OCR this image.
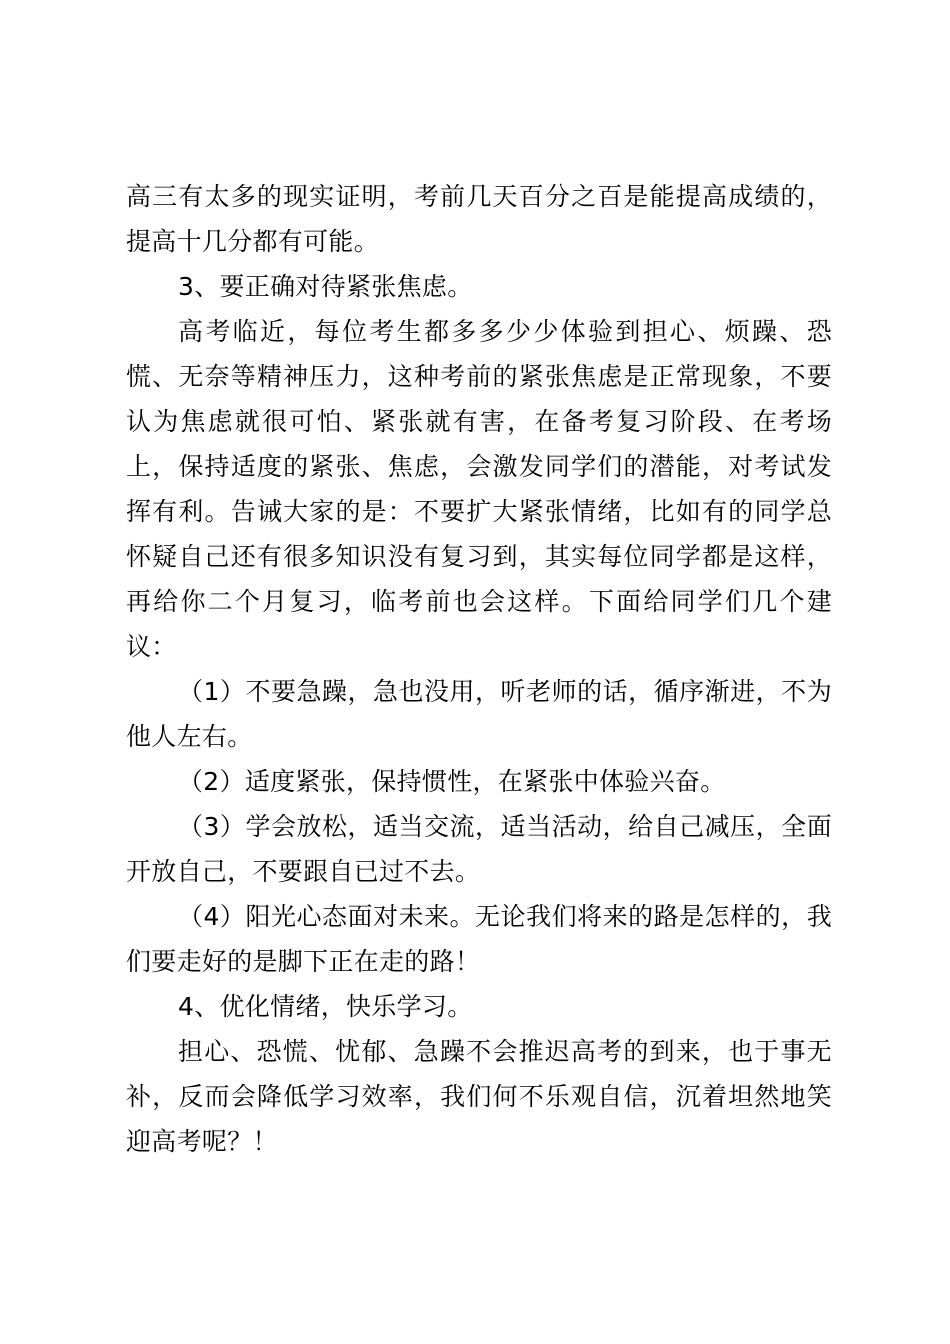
高三有太多的现实证明，考前几天百分之百是能提高成绩的，提高十几分都有可能。

3、要正确对待紧张焦虑。

高考临近，每位考生都多多少少体验到担心、烦躁、恐慌、无奈等精神压力，这种考前的紧张焦虑是正常现象，不要认为焦虑就很可怕、紧张就有害，在备考复习阶段、在考场上，保持适度的紧张、焦虑，会激发同学们的潜能，对考试发挥有利。告诫大家的是：不要扩大紧张情绪，比如有的同学总怀疑自己还有很多知识没有复习到，其实每位同学都是这样，再给你二个月复习，临考前也会这样。下面给同学们几个建议：

（1）不要急躁，急也没用，听老师的话，循序渐进，不为他人左右。

（2）适度紧张，保持惯性，在紧张中体验兴奋。

（3）学会放松，适当交流，适当活动，给自己减压，全面开放自己，不要跟自已过不去。

（4）阳光心态面对未来。无论我们将来的路是怎样的，我们要走好的是脚下正在走的路！

4、优化情绪，快乐学习。

担心、恐慌、忧郁、急躁不会推迟高考的到来，也于事无补，反而会降低学习效率，我们何不乐观自信，沉着坦然地笑迎高考呢？！
